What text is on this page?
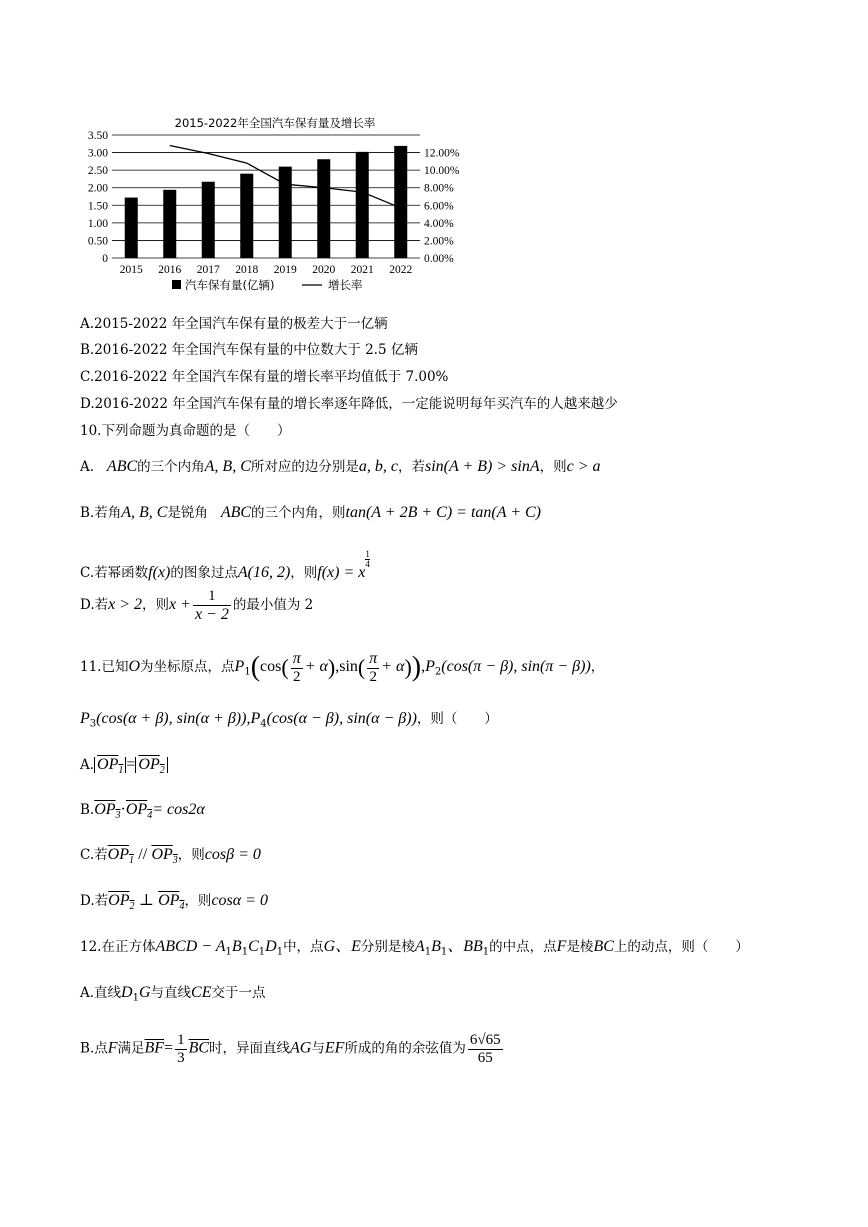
2015-2022年全国汽车保有量及增长率
0
0.50
1.00
1.50
2.00
2.50
3.00
3.50
0.00%
2.00%
4.00%
6.00%
8.00%
10.00%
12.00%
2015 2016 2017 2018 2019 2020 2021 2022
汽车保有量(亿辆)	增长率
A.2015-2022 年全国汽车保有量的极差大于一亿辆
B.2016-2022 年全国汽车保有量的中位数大于 2.5 亿辆
C.2016-2022 年全国汽车保有量的增长率平均值低于 7.00%
D.2016-2022 年全国汽车保有量的增长率逐年降低，一定能说明每年买汽车的人越来越少
10.下列命题为真命题的是（　　）
A. ABC的三个内角A, B, C所对应的边分别是a, b, c，若sin(A + B) > sinA，则c > a
B.若角A, B, C是锐角 ABC的三个内角，则tan(A + 2B + C) = tan(A + C)
C.若幂函数f(x)的图象过点A(16, 2)，则f(x) = x
$\frac{1}{4}$
D.若x > 2，则$x + \frac{1}{x - 2}$ 的最小值为 2
11.已知O为坐标原点，点$P_1(\cos( \frac{\pi}{2} + \alpha),\sin( \frac{\pi}{2} + \alpha)),P_2(\cos(\pi - \beta)$, sin(π − β))，
$P_3(\cos(\alpha + \beta)$, $\sin(\alpha + \beta)),P_4(\cos(\alpha - \beta)$, sin(α − β))，则（　　）
A. $OP_1 = OP_2$
$B.OP_3\cdot OP_4= \cos 2\alpha$
C.若$OP_1 // OP_3$，则cosβ = 0
D.若$OP_2$ ⊥ $OP_4$，则cosα = 0
12.在正方体ABCD − $A_1B_1C_1D_1$中，点G、E分别是棱$A_1B_1$、$BB_1$的中点，点F是棱BC上的动点，则（　　）
A.直线$D_1G$与直线CE交于一点
B.点F满足$\overline{BF}= \frac{1}{3} \overline{BC}$时，异面直线AG与EF所成的角的余弦值为 $\frac{6√65}{65}$
